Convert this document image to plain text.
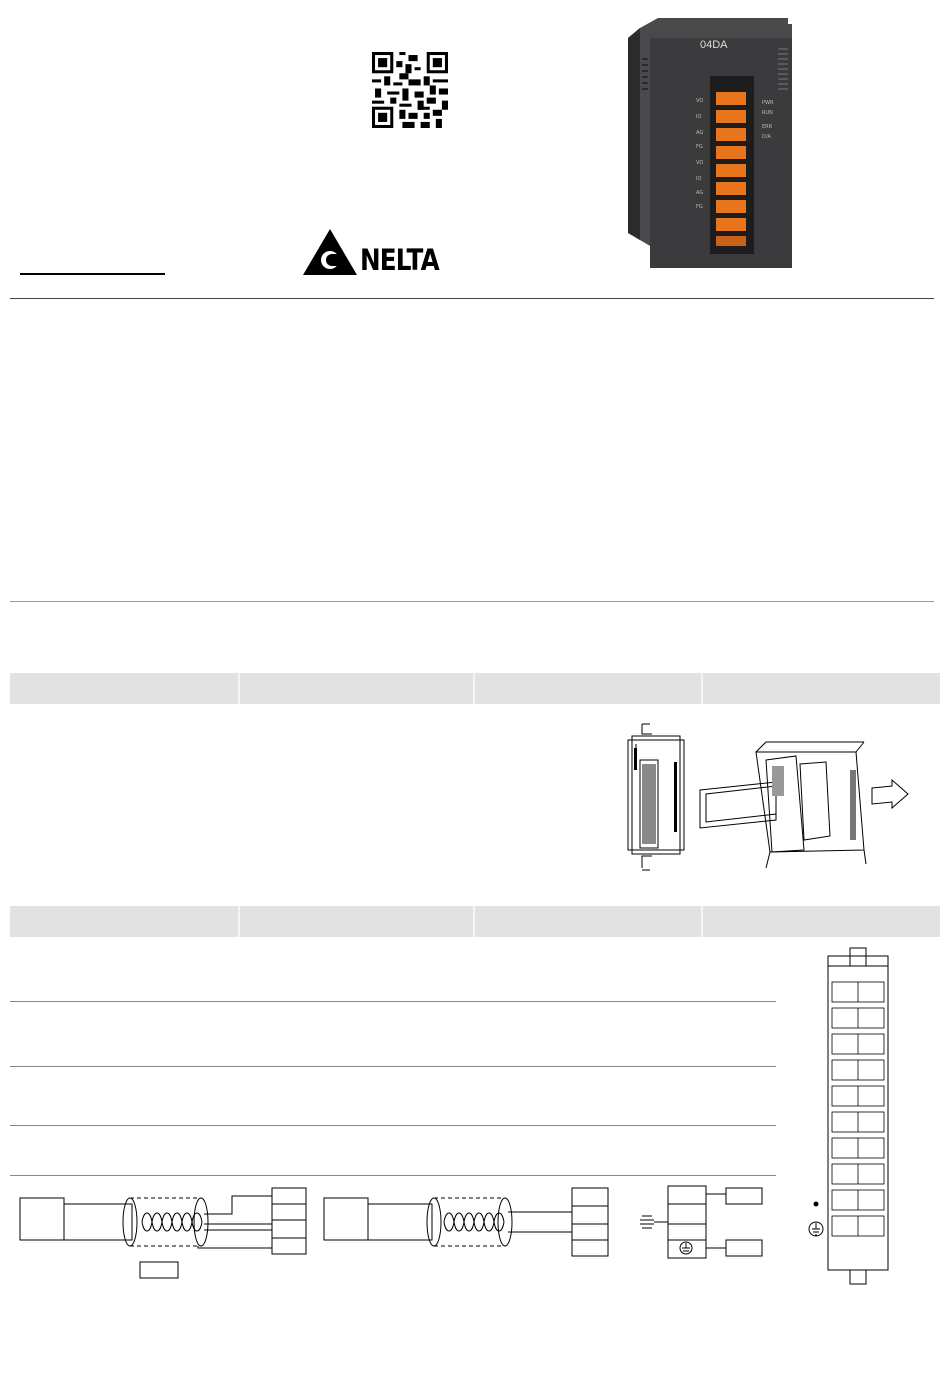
NELTA
04DA
VO
IO
AG
FG
VO
IO
AG
FG
PWR
RUN
ERR
D/A
